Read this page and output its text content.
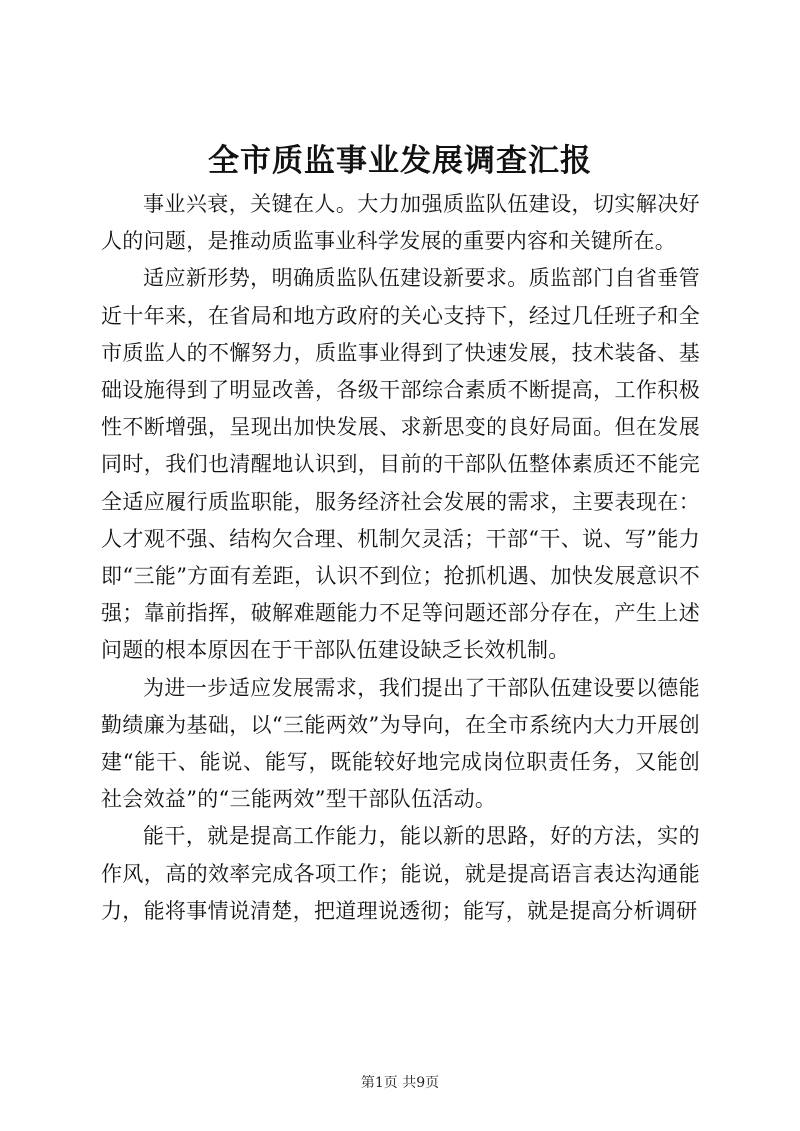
全市质监事业发展调查汇报

事业兴衰，关键在人。大力加强质监队伍建设，切实解决好人的问题，是推动质监事业科学发展的重要内容和关键所在。

适应新形势，明确质监队伍建设新要求。质监部门自省垂管近十年来，在省局和地方政府的关心支持下，经过几任班子和全市质监人的不懈努力，质监事业得到了快速发展，技术装备、基础设施得到了明显改善，各级干部综合素质不断提高，工作积极性不断增强，呈现出加快发展、求新思变的良好局面。但在发展同时，我们也清醒地认识到，目前的干部队伍整体素质还不能完全适应履行质监职能，服务经济社会发展的需求，主要表现在：人才观不强、结构欠合理、机制欠灵活；干部“干、说、写”能力即“三能”方面有差距，认识不到位；抢抓机遇、加快发展意识不强；靠前指挥，破解难题能力不足等问题还部分存在，产生上述问题的根本原因在于干部队伍建设缺乏长效机制。

为进一步适应发展需求，我们提出了干部队伍建设要以德能勤绩廉为基础，以“三能两效”为导向，在全市系统内大力开展创建“能干、能说、能写，既能较好地完成岗位职责任务，又能创社会效益”的“三能两效”型干部队伍活动。

能干，就是提高工作能力，能以新的思路，好的方法，实的作风，高的效率完成各项工作；能说，就是提高语言表达沟通能力，能将事情说清楚，把道理说透彻；能写，就是提高分析调研

第1页 共9页
